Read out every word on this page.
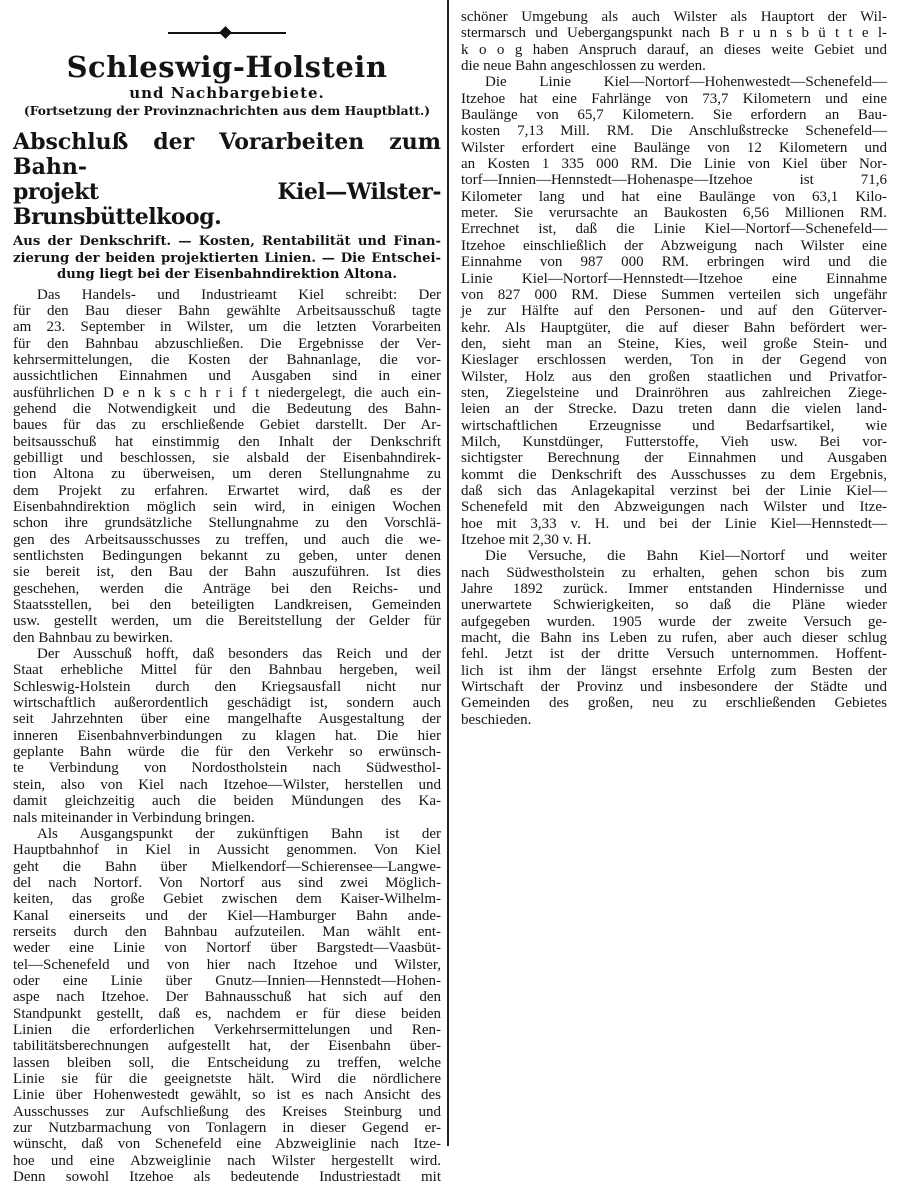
Schleswig-Holstein
und Nachbargebiete.
(Fortsetzung der Provinznachrichten aus dem Hauptblatt.)
Abschluß der Vorarbeiten zum Bahn-
projekt Kiel—Wilster-Brunsbüttelkoog.
Aus der Denkschrift. — Kosten, Rentabilität und Finan-
zierung der beiden projektierten Linien. — Die Entschei-
dung liegt bei der Eisenbahndirektion Altona.
Das Handels- und Industrieamt Kiel schreibt: Der
für den Bau dieser Bahn gewählte Arbeitsausschuß tagte
am 23. September in Wilster, um die letzten Vorarbeiten
für den Bahnbau abzuschließen. Die Ergebnisse der Ver-
kehrsermittelungen, die Kosten der Bahnanlage, die vor-
aussichtlichen Einnahmen und Ausgaben sind in einer
ausführlichen D e n k s c h r i f t niedergelegt, die auch ein-
gehend die Notwendigkeit und die Bedeutung des Bahn-
baues für das zu erschließende Gebiet darstellt. Der Ar-
beitsausschuß hat einstimmig den Inhalt der Denkschrift
gebilligt und beschlossen, sie alsbald der Eisenbahndirek-
tion Altona zu überweisen, um deren Stellungnahme zu
dem Projekt zu erfahren. Erwartet wird, daß es der
Eisenbahndirektion möglich sein wird, in einigen Wochen
schon ihre grundsätzliche Stellungnahme zu den Vorschlä-
gen des Arbeitsausschusses zu treffen, und auch die we-
sentlichsten Bedingungen bekannt zu geben, unter denen
sie bereit ist, den Bau der Bahn auszuführen. Ist dies
geschehen, werden die Anträge bei den Reichs- und
Staatsstellen, bei den beteiligten Landkreisen, Gemeinden
usw. gestellt werden, um die Bereitstellung der Gelder für
den Bahnbau zu bewirken.
Der Ausschuß hofft, daß besonders das Reich und der
Staat erhebliche Mittel für den Bahnbau hergeben, weil
Schleswig-Holstein durch den Kriegsausfall nicht nur
wirtschaftlich außerordentlich geschädigt ist, sondern auch
seit Jahrzehnten über eine mangelhafte Ausgestaltung der
inneren Eisenbahnverbindungen zu klagen hat. Die hier
geplante Bahn würde die für den Verkehr so erwünsch-
te Verbindung von Nordostholstein nach Südwesthol-
stein, also von Kiel nach Itzehoe—Wilster, herstellen und
damit gleichzeitig auch die beiden Mündungen des Ka-
nals miteinander in Verbindung bringen.
Als Ausgangspunkt der zukünftigen Bahn ist der
Hauptbahnhof in Kiel in Aussicht genommen. Von Kiel
geht die Bahn über Mielkendorf—Schierensee—Langwe-
del nach Nortorf. Von Nortorf aus sind zwei Möglich-
keiten, das große Gebiet zwischen dem Kaiser-Wilhelm-
Kanal einerseits und der Kiel—Hamburger Bahn ande-
rerseits durch den Bahnbau aufzuteilen. Man wählt ent-
weder eine Linie von Nortorf über Bargstedt—Vaasbüt-
tel—Schenefeld und von hier nach Itzehoe und Wilster,
oder eine Linie über Gnutz—Innien—Hennstedt—Hohen-
aspe nach Itzehoe. Der Bahnausschuß hat sich auf den
Standpunkt gestellt, daß es, nachdem er für diese beiden
Linien die erforderlichen Verkehrsermittelungen und Ren-
tabilitätsberechnungen aufgestellt hat, der Eisenbahn über-
lassen bleiben soll, die Entscheidung zu treffen, welche
Linie sie für die geeignetste hält. Wird die nördlichere
Linie über Hohenwestedt gewählt, so ist es nach Ansicht des
Ausschusses zur Aufschließung des Kreises Steinburg und
zur Nutzbarmachung von Tonlagern in dieser Gegend er-
wünscht, daß von Schenefeld eine Abzweiglinie nach Itze-
hoe und eine Abzweiglinie nach Wilster hergestellt wird.
Denn sowohl Itzehoe als bedeutende Industriestadt mit
schöner Umgebung als auch Wilster als Hauptort der Wil-
stermarsch und Uebergangspunkt nach B r u n s b ü t t e l-
k o o g haben Anspruch darauf, an dieses weite Gebiet und
die neue Bahn angeschlossen zu werden.
Die Linie Kiel—Nortorf—Hohenwestedt—Schenefeld—
Itzehoe hat eine Fahrlänge von 73,7 Kilometern und eine
Baulänge von 65,7 Kilometern. Sie erfordern an Bau-
kosten 7,13 Mill. RM. Die Anschlußstrecke Schenefeld—
Wilster erfordert eine Baulänge von 12 Kilometern und
an Kosten 1 335 000 RM. Die Linie von Kiel über Nor-
torf—Innien—Hennstedt—Hohenaspe—Itzehoe ist 71,6
Kilometer lang und hat eine Baulänge von 63,1 Kilo-
meter. Sie verursachte an Baukosten 6,56 Millionen RM.
Errechnet ist, daß die Linie Kiel—Nortorf—Schenefeld—
Itzehoe einschließlich der Abzweigung nach Wilster eine
Einnahme von 987 000 RM. erbringen wird und die
Linie Kiel—Nortorf—Hennstedt—Itzehoe eine Einnahme
von 827 000 RM. Diese Summen verteilen sich ungefähr
je zur Hälfte auf den Personen- und auf den Güterver-
kehr. Als Hauptgüter, die auf dieser Bahn befördert wer-
den, sieht man an Steine, Kies, weil große Stein- und
Kieslager erschlossen werden, Ton in der Gegend von
Wilster, Holz aus den großen staatlichen und Privatfor-
sten, Ziegelsteine und Drainröhren aus zahlreichen Ziege-
leien an der Strecke. Dazu treten dann die vielen land-
wirtschaftlichen Erzeugnisse und Bedarfsartikel, wie
Milch, Kunstdünger, Futterstoffe, Vieh usw. Bei vor-
sichtigster Berechnung der Einnahmen und Ausgaben
kommt die Denkschrift des Ausschusses zu dem Ergebnis,
daß sich das Anlagekapital verzinst bei der Linie Kiel—
Schenefeld mit den Abzweigungen nach Wilster und Itze-
hoe mit 3,33 v. H. und bei der Linie Kiel—Hennstedt—
Itzehoe mit 2,30 v. H.
Die Versuche, die Bahn Kiel—Nortorf und weiter
nach Südwestholstein zu erhalten, gehen schon bis zum
Jahre 1892 zurück. Immer entstanden Hindernisse und
unerwartete Schwierigkeiten, so daß die Pläne wieder
aufgegeben wurden. 1905 wurde der zweite Versuch ge-
macht, die Bahn ins Leben zu rufen, aber auch dieser schlug
fehl. Jetzt ist der dritte Versuch unternommen. Hoffent-
lich ist ihm der längst ersehnte Erfolg zum Besten der
Wirtschaft der Provinz und insbesondere der Städte und
Gemeinden des großen, neu zu erschließenden Gebietes
beschieden.
